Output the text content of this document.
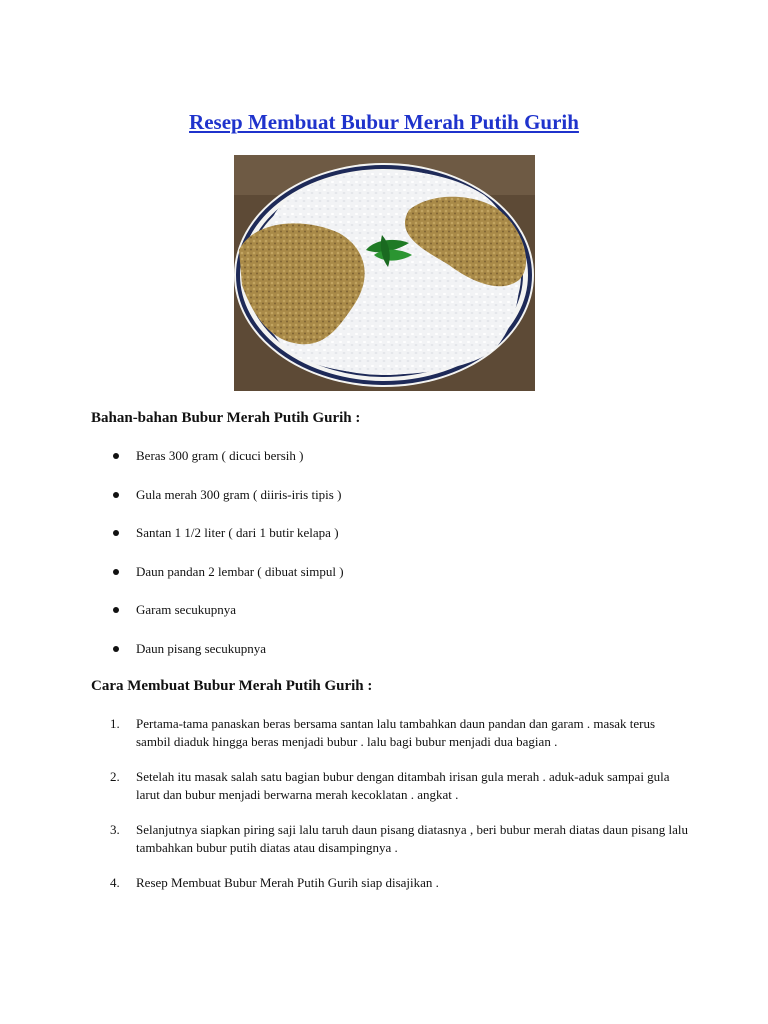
Resep Membuat Bubur Merah Putih Gurih
Bahan-bahan Bubur Merah Putih Gurih :
Beras 300 gram ( dicuci bersih )
Gula merah 300 gram ( diiris-iris tipis )
Santan 1 1/2 liter ( dari 1 butir kelapa )
Daun pandan 2 lembar ( dibuat simpul )
Garam secukupnya
Daun pisang secukupnya
Cara Membuat Bubur Merah Putih Gurih :
1. Pertama-tama panaskan beras bersama santan lalu tambahkan daun pandan dan garam . masak terus sambil diaduk hingga beras menjadi bubur . lalu bagi bubur menjadi dua bagian .
2. Setelah itu masak salah satu bagian bubur dengan ditambah irisan gula merah . aduk-aduk sampai gula larut dan bubur menjadi berwarna merah kecoklatan . angkat .
3. Selanjutnya siapkan piring saji lalu taruh daun pisang diatasnya , beri bubur merah diatas daun pisang lalu tambahkan bubur putih diatas atau disampingnya .
4. Resep Membuat Bubur Merah Putih Gurih siap disajikan .
